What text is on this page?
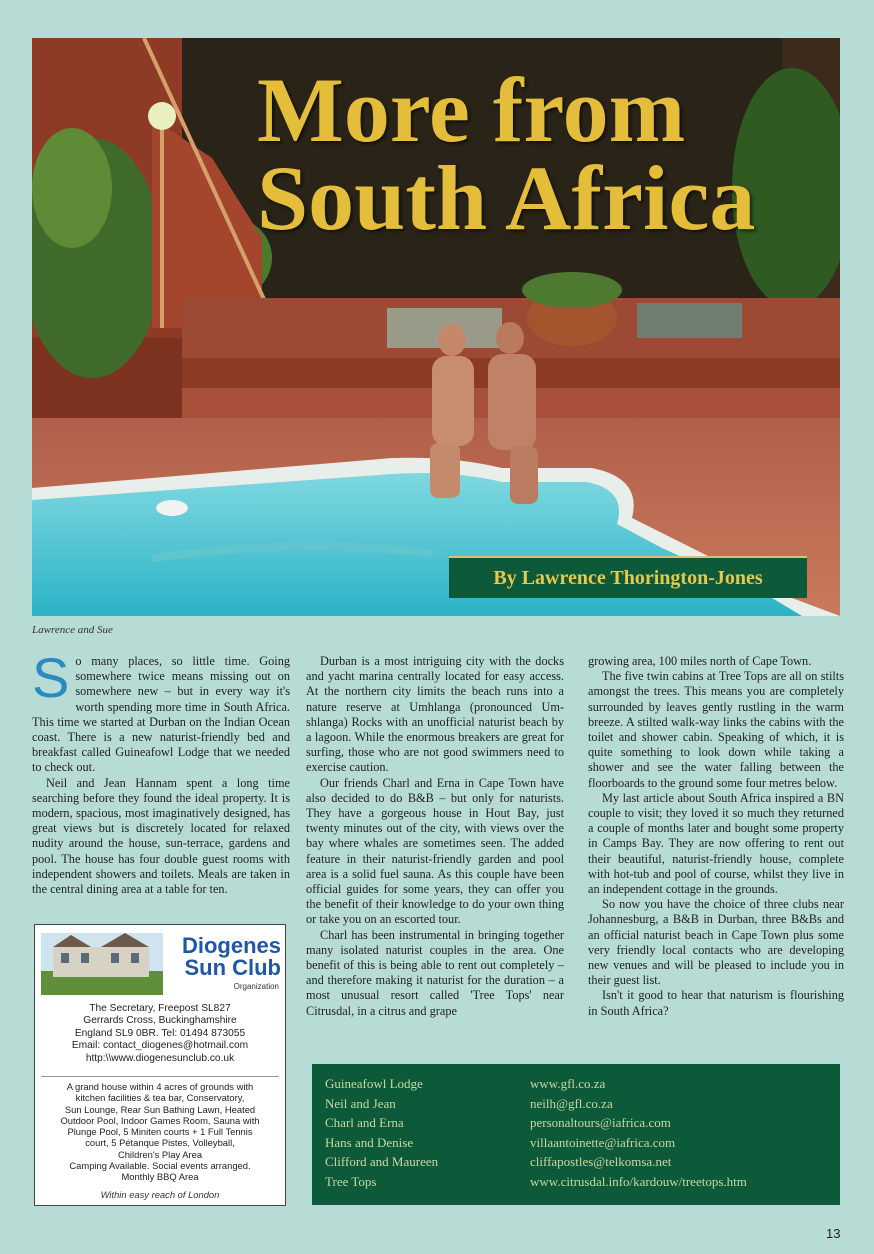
More from
South Africa
By Lawrence Thorington-Jones
Lawrence and Sue

So many places, so little time. Going somewhere twice means missing out on somewhere new – but in every way it's worth spending more time in South Africa. This time we started at Durban on the Indian Ocean coast. There is a new naturist-friendly bed and breakfast called Guineafowl Lodge that we needed to check out.

Neil and Jean Hannam spent a long time searching before they found the ideal property. It is modern, spacious, most imaginatively designed, has great views but is discretely located for relaxed nudity around the house, sun-terrace, gardens and pool. The house has four double guest rooms with independent showers and toilets. Meals are taken in the central dining area at a table for ten.

Diogenes
Sun Club
Organization
The Secretary, Freepost SL827
Gerrards Cross, Buckinghamshire
England SL9 0BR. Tel: 01494 873055
Email: contact_diogenes@hotmail.com
http:\\www.diogenesunclub.co.uk
A grand house within 4 acres of grounds with
kitchen facilities & tea bar, Conservatory,
Sun Lounge, Rear Sun Bathing Lawn, Heated
Outdoor Pool, Indoor Games Room, Sauna with
Plunge Pool, 5 Miniten courts + 1 Full Tennis
court, 5 Pétanque Pistes, Volleyball,
Children's Play Area
Camping Available. Social events arranged.
Monthly BBQ Area
Within easy reach of London

Durban is a most intriguing city with the docks and yacht marina centrally located for easy access. At the northern city limits the beach runs into a nature reserve at Umhlanga (pronounced Um-shlanga) Rocks with an unofficial naturist beach by a lagoon. While the enormous breakers are great for surfing, those who are not good swimmers need to exercise caution.

Our friends Charl and Erna in Cape Town have also decided to do B&B – but only for naturists. They have a gorgeous house in Hout Bay, just twenty minutes out of the city, with views over the bay where whales are sometimes seen. The added feature in their naturist-friendly garden and pool area is a solid fuel sauna. As this couple have been official guides for some years, they can offer you the benefit of their knowledge to do your own thing or take you on an escorted tour.

Charl has been instrumental in bringing together many isolated naturist couples in the area. One benefit of this is being able to rent out completely – and therefore making it naturist for the duration – a most unusual resort called 'Tree Tops' near Citrusdal, in a citrus and grape

growing area, 100 miles north of Cape Town.

The five twin cabins at Tree Tops are all on stilts amongst the trees. This means you are completely surrounded by leaves gently rustling in the warm breeze. A stilted walk-way links the cabins with the toilet and shower cabin. Speaking of which, it is quite something to look down while taking a shower and see the water falling between the floorboards to the ground some four metres below.

My last article about South Africa inspired a BN couple to visit; they loved it so much they returned a couple of months later and bought some property in Camps Bay. They are now offering to rent out their beautiful, naturist-friendly house, complete with hot-tub and pool of course, whilst they live in an independent cottage in the grounds.

So now you have the choice of three clubs near Johannesburg, a B&B in Durban, three B&Bs and an official naturist beach in Cape Town plus some very friendly local contacts who are developing new venues and will be pleased to include you in their guest list.

Isn't it good to hear that naturism is flourishing in South Africa?

Guineafowl Lodge
Neil and Jean
Charl and Erna
Hans and Denise
Clifford and Maureen
Tree Tops
www.gfl.co.za
neilh@gfl.co.za
personaltours@iafrica.com
villaantoinette@iafrica.com
cliffapostles@telkomsa.net
www.citrusdal.info/kardouw/treetops.htm
13
